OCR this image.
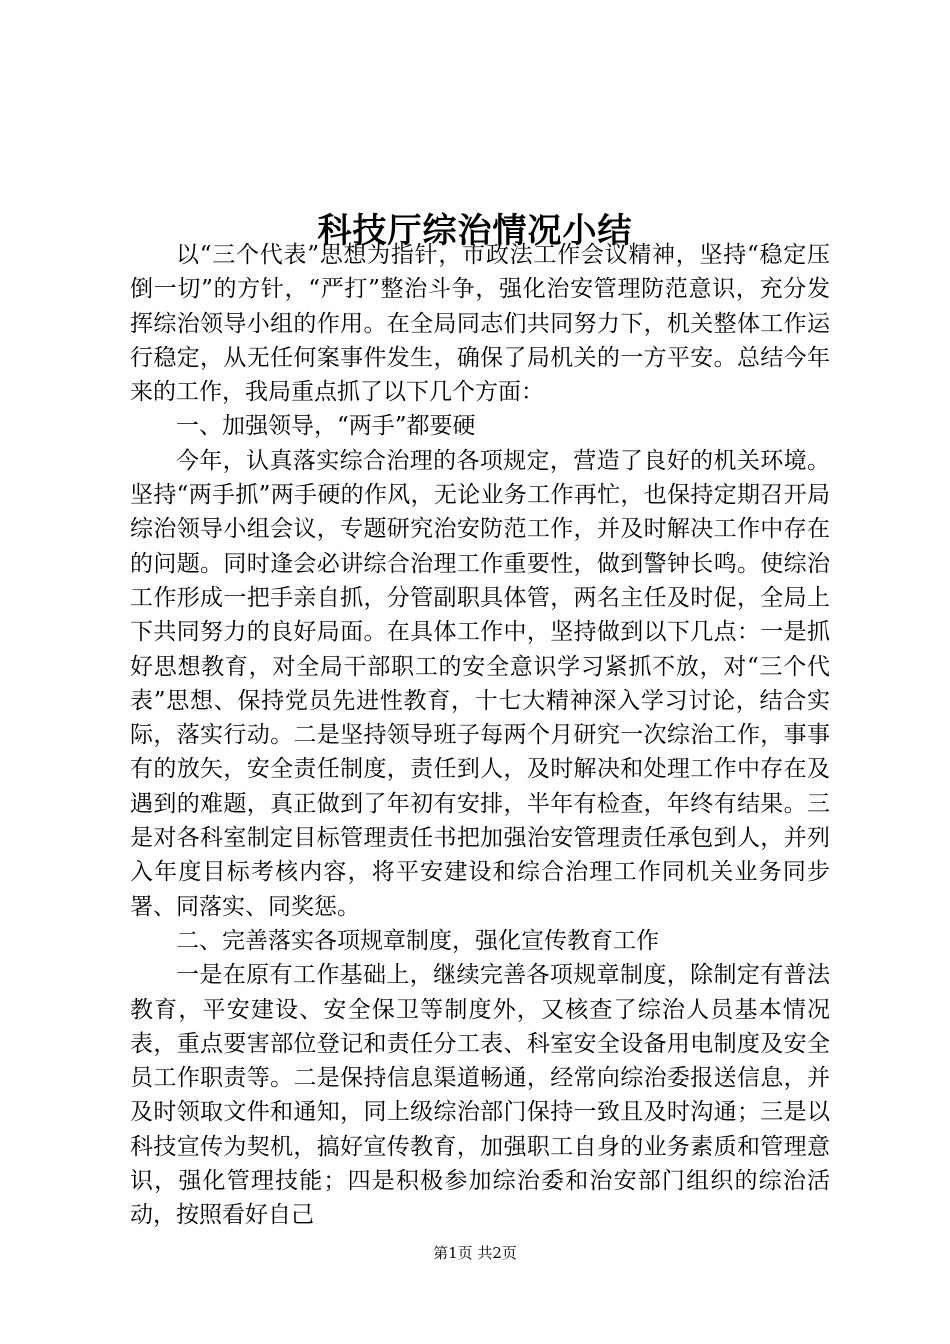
科技厅综治情况小结

以“三个代表”思想为指针，市政法工作会议精神，坚持“稳定压倒一切”的方针，“严打”整治斗争，强化治安管理防范意识，充分发挥综治领导小组的作用。在全局同志们共同努力下，机关整体工作运行稳定，从无任何案事件发生，确保了局机关的一方平安。总结今年来的工作，我局重点抓了以下几个方面：

一、加强领导，“两手”都要硬

今年，认真落实综合治理的各项规定，营造了良好的机关环境。坚持“两手抓”两手硬的作风，无论业务工作再忙，也保持定期召开局综治领导小组会议，专题研究治安防范工作，并及时解决工作中存在的问题。同时逢会必讲综合治理工作重要性，做到警钟长鸣。使综治工作形成一把手亲自抓，分管副职具体管，两名主任及时促，全局上下共同努力的良好局面。在具体工作中，坚持做到以下几点：一是抓好思想教育，对全局干部职工的安全意识学习紧抓不放，对“三个代表”思想、保持党员先进性教育，十七大精神深入学习讨论，结合实际，落实行动。二是坚持领导班子每两个月研究一次综治工作，事事有的放矢，安全责任制度，责任到人，及时解决和处理工作中存在及遇到的难题，真正做到了年初有安排，半年有检查，年终有结果。三是对各科室制定目标管理责任书把加强治安管理责任承包到人，并列入年度目标考核内容，将平安建设和综合治理工作同机关业务同步署、同落实、同奖惩。

二、完善落实各项规章制度，强化宣传教育工作

一是在原有工作基础上，继续完善各项规章制度，除制定有普法教育，平安建设、安全保卫等制度外，又核查了综治人员基本情况表，重点要害部位登记和责任分工表、科室安全设备用电制度及安全员工作职责等。二是保持信息渠道畅通，经常向综治委报送信息，并及时领取文件和通知，同上级综治部门保持一致且及时沟通；三是以科技宣传为契机，搞好宣传教育，加强职工自身的业务素质和管理意识，强化管理技能；四是积极参加综治委和治安部门组织的综治活动，按照看好自己

第1页 共2页
